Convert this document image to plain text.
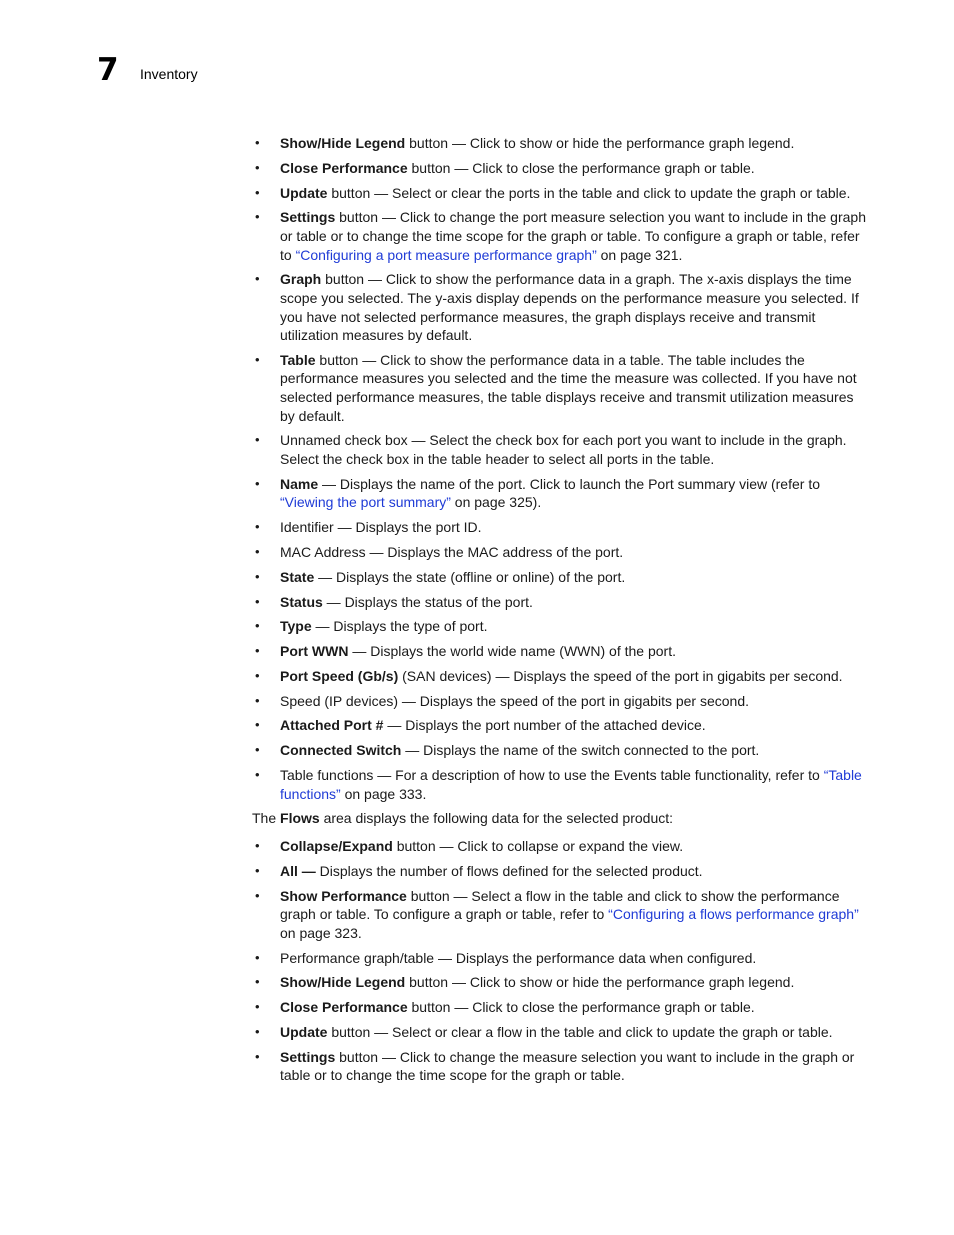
7 Inventory
• Show/Hide Legend button — Click to show or hide the performance graph legend.
• Close Performance button — Click to close the performance graph or table.
• Update button — Select or clear the ports in the table and click to update the graph or table.
• Settings button — Click to change the port measure selection you want to include in the graph or table or to change the time scope for the graph or table. To configure a graph or table, refer to “Configuring a port measure performance graph” on page 321.
• Graph button — Click to show the performance data in a graph. The x-axis displays the time scope you selected. The y-axis display depends on the performance measure you selected. If you have not selected performance measures, the graph displays receive and transmit utilization measures by default.
• Table button — Click to show the performance data in a table. The table includes the performance measures you selected and the time the measure was collected. If you have not selected performance measures, the table displays receive and transmit utilization measures by default.
• Unnamed check box — Select the check box for each port you want to include in the graph. Select the check box in the table header to select all ports in the table.
• Name — Displays the name of the port. Click to launch the Port summary view (refer to “Viewing the port summary” on page 325).
• Identifier — Displays the port ID.
• MAC Address — Displays the MAC address of the port.
• State — Displays the state (offline or online) of the port.
• Status — Displays the status of the port.
• Type — Displays the type of port.
• Port WWN — Displays the world wide name (WWN) of the port.
• Port Speed (Gb/s) (SAN devices) — Displays the speed of the port in gigabits per second.
• Speed (IP devices) — Displays the speed of the port in gigabits per second.
• Attached Port # — Displays the port number of the attached device.
• Connected Switch — Displays the name of the switch connected to the port.
• Table functions — For a description of how to use the Events table functionality, refer to “Table functions” on page 333.

The Flows area displays the following data for the selected product:

• Collapse/Expand button — Click to collapse or expand the view.
• All — Displays the number of flows defined for the selected product.
• Show Performance button — Select a flow in the table and click to show the performance graph or table. To configure a graph or table, refer to “Configuring a flows performance graph” on page 323.
• Performance graph/table — Displays the performance data when configured.
• Show/Hide Legend button — Click to show or hide the performance graph legend.
• Close Performance button — Click to close the performance graph or table.
• Update button — Select or clear a flow in the table and click to update the graph or table.
• Settings button — Click to change the measure selection you want to include in the graph or table or to change the time scope for the graph or table.
